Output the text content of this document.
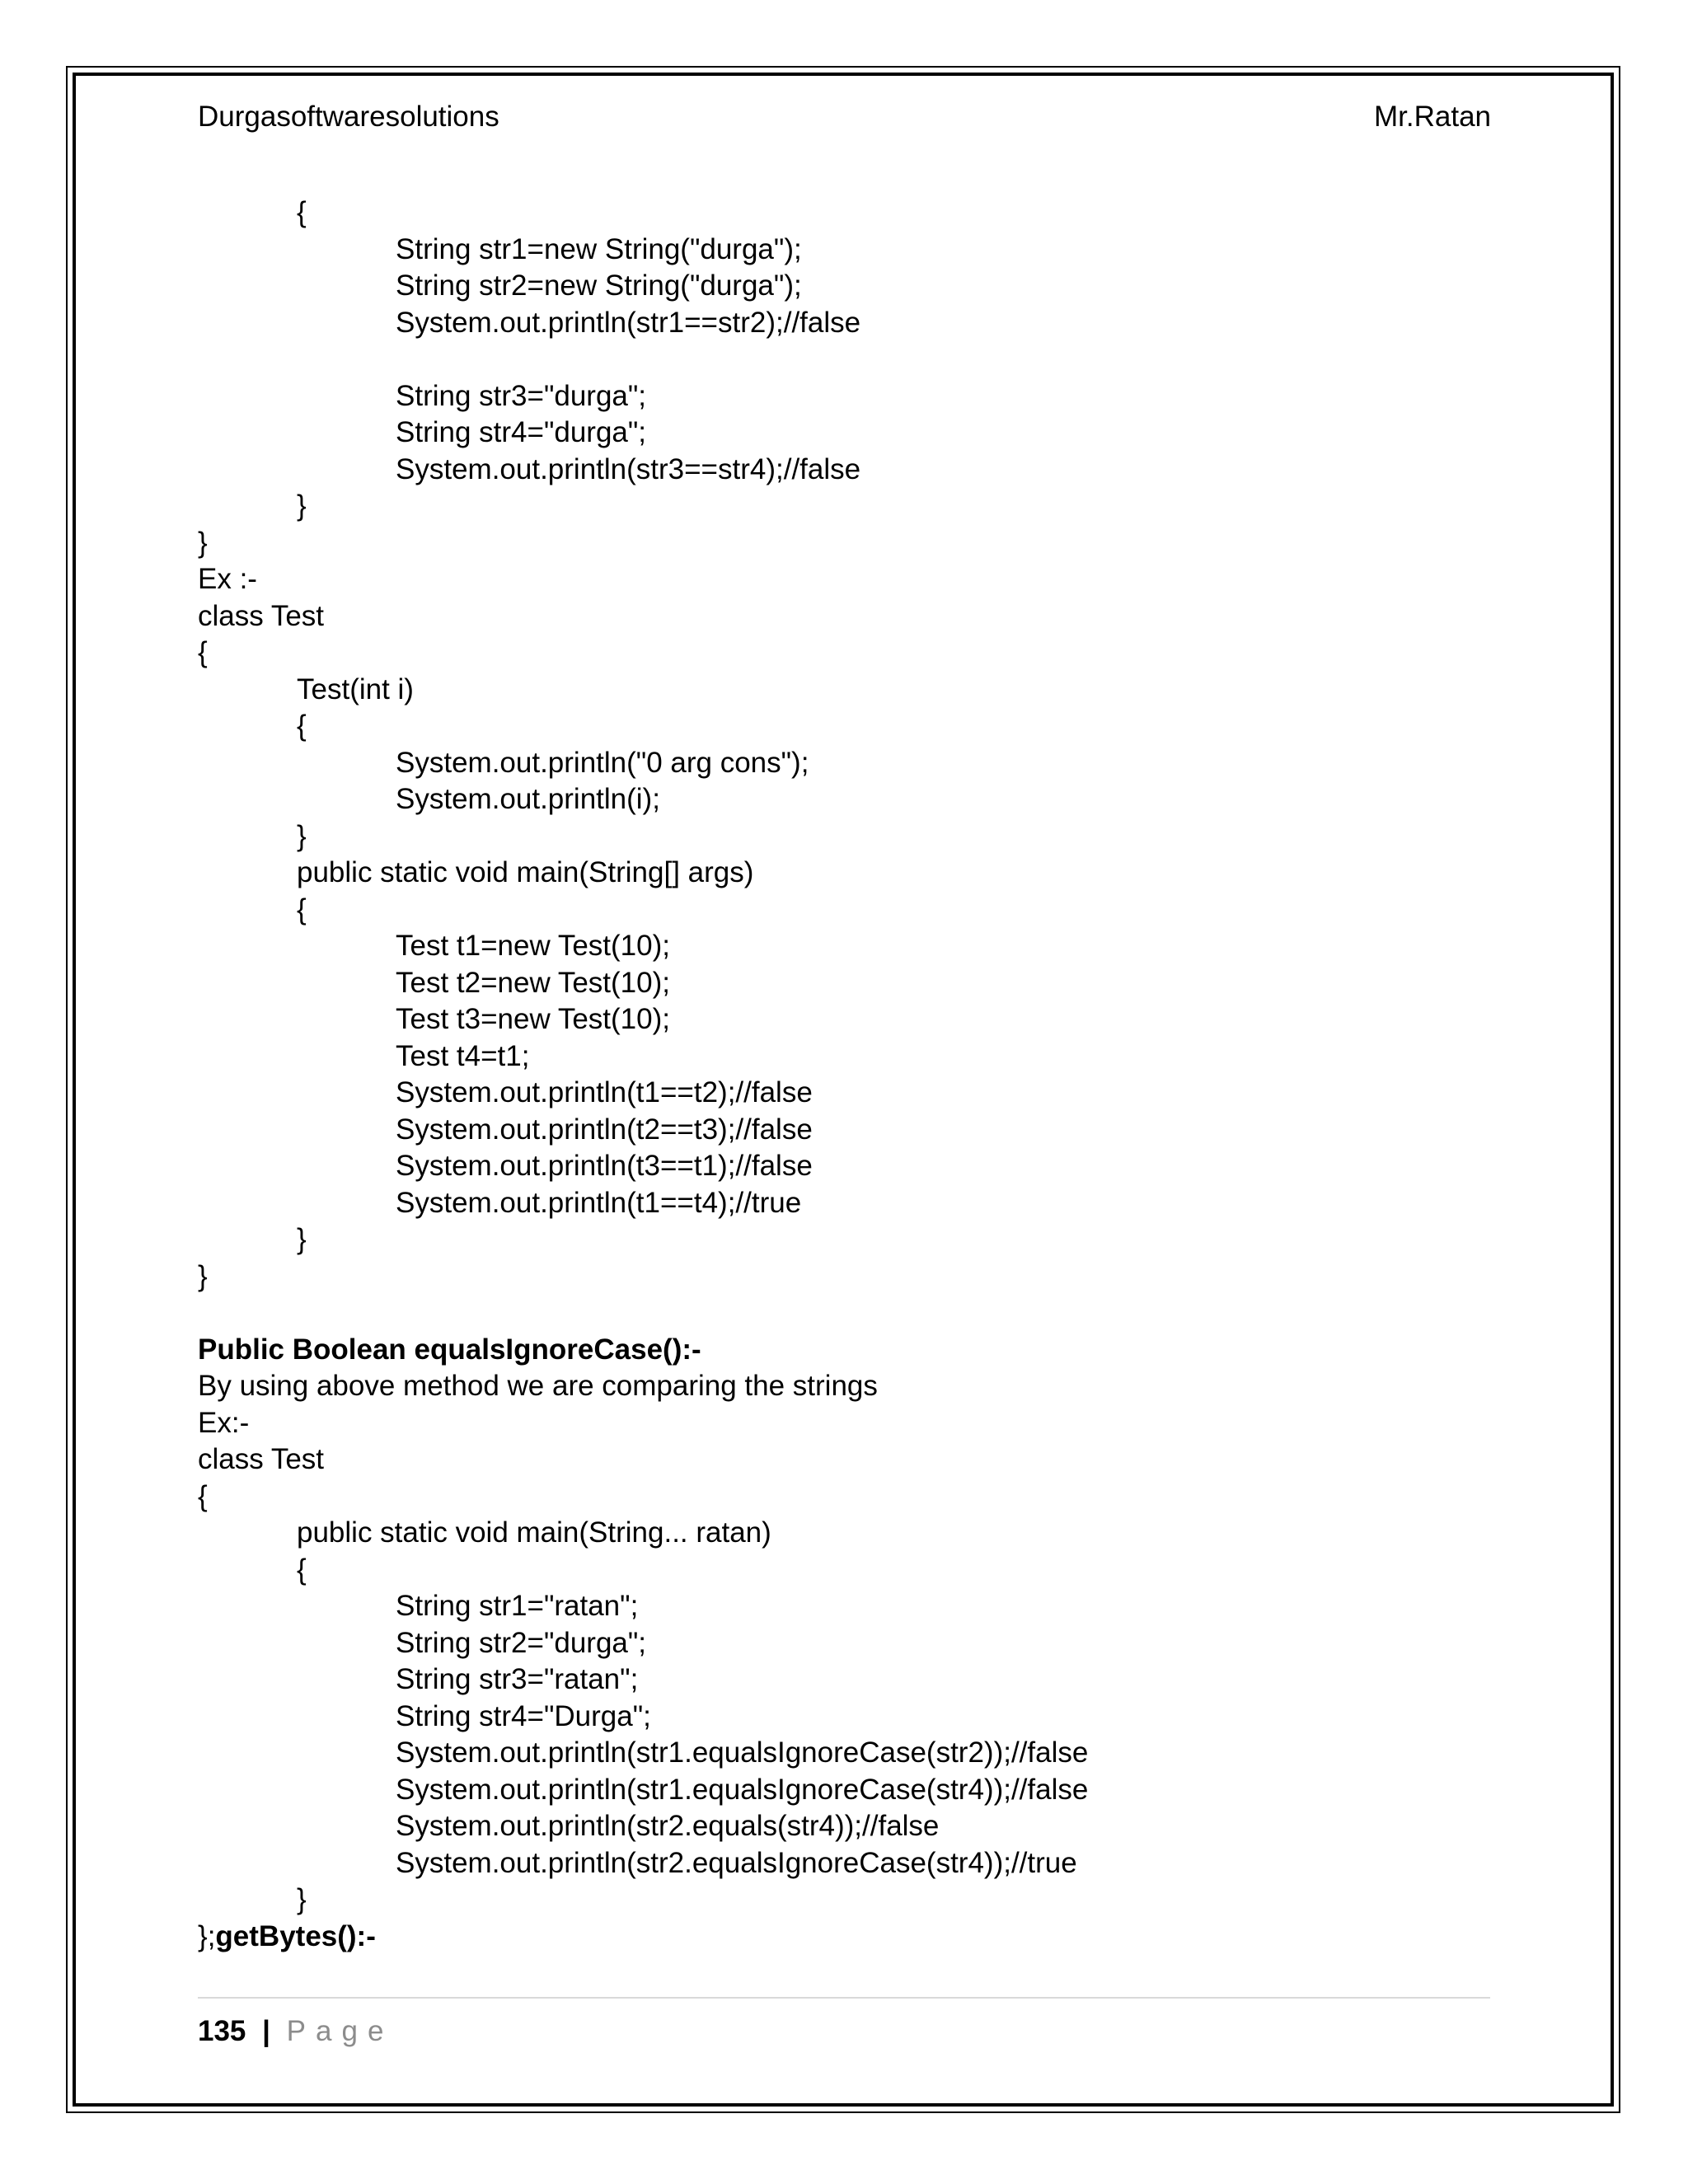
Durgasoftwaresolutions	Mr.Ratan
{
String str1=new String("durga");
String str2=new String("durga");
System.out.println(str1==str2);//false
String str3="durga";
String str4="durga";
System.out.println(str3==str4);//false
}
}
Ex :-
class Test
{
Test(int i)
{
System.out.println("0 arg cons");
System.out.println(i);
}
public static void main(String[] args)
{
Test t1=new Test(10);
Test t2=new Test(10);
Test t3=new Test(10);
Test t4=t1;
System.out.println(t1==t2);//false
System.out.println(t2==t3);//false
System.out.println(t3==t1);//false
System.out.println(t1==t4);//true
}
}
Public Boolean equalsIgnoreCase():-
By using above method we are comparing the strings
Ex:-
class Test
{
public static void main(String... ratan)
{
String str1="ratan";
String str2="durga";
String str3="ratan";
String str4="Durga";
System.out.println(str1.equalsIgnoreCase(str2));//false
System.out.println(str1.equalsIgnoreCase(str4));//false
System.out.println(str2.equals(str4));//false
System.out.println(str2.equalsIgnoreCase(str4));//true
}
};getBytes():-
135 | Page
